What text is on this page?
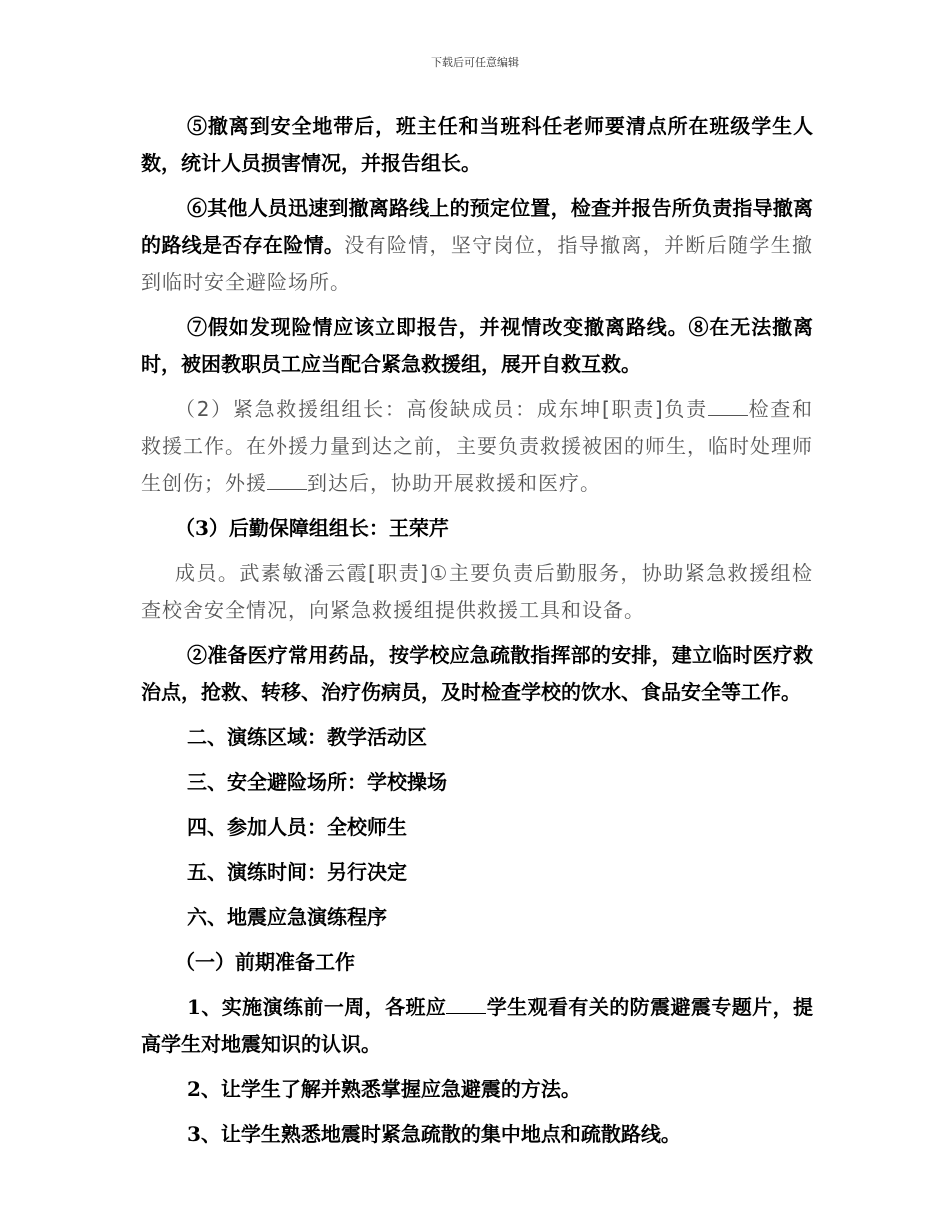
下载后可任意编辑

⑤撤离到安全地带后，班主任和当班科任老师要清点所在班级学生人数，统计人员损害情况，并报告组长。

⑥其他人员迅速到撤离路线上的预定位置，检查并报告所负责指导撤离的路线是否存在险情。没有险情，坚守岗位，指导撤离，并断后随学生撤到临时安全避险场所。

⑦假如发现险情应该立即报告，并视情改变撤离路线。⑧在无法撤离时，被困教职员工应当配合紧急救援组，展开自救互救。

（2）紧急救援组组长：高俊缺成员：成东坤[职责]负责 检查和救援工作。在外援力量到达之前，主要负责救援被困的师生，临时处理师生创伤；外援 到达后，协助开展救援和医疗。

（3）后勤保障组组长：王荣芹

成员。武素敏潘云霞[职责]①主要负责后勤服务，协助紧急救援组检查校舍安全情况，向紧急救援组提供救援工具和设备。

②准备医疗常用药品，按学校应急疏散指挥部的安排，建立临时医疗救治点，抢救、转移、治疗伤病员，及时检查学校的饮水、食品安全等工作。

二、演练区域：教学活动区

三、安全避险场所：学校操场

四、参加人员：全校师生

五、演练时间：另行决定

六、地震应急演练程序

（一）前期准备工作

1、实施演练前一周，各班应 学生观看有关的防震避震专题片，提高学生对地震知识的认识。

2、让学生了解并熟悉掌握应急避震的方法。

3、让学生熟悉地震时紧急疏散的集中地点和疏散路线。
